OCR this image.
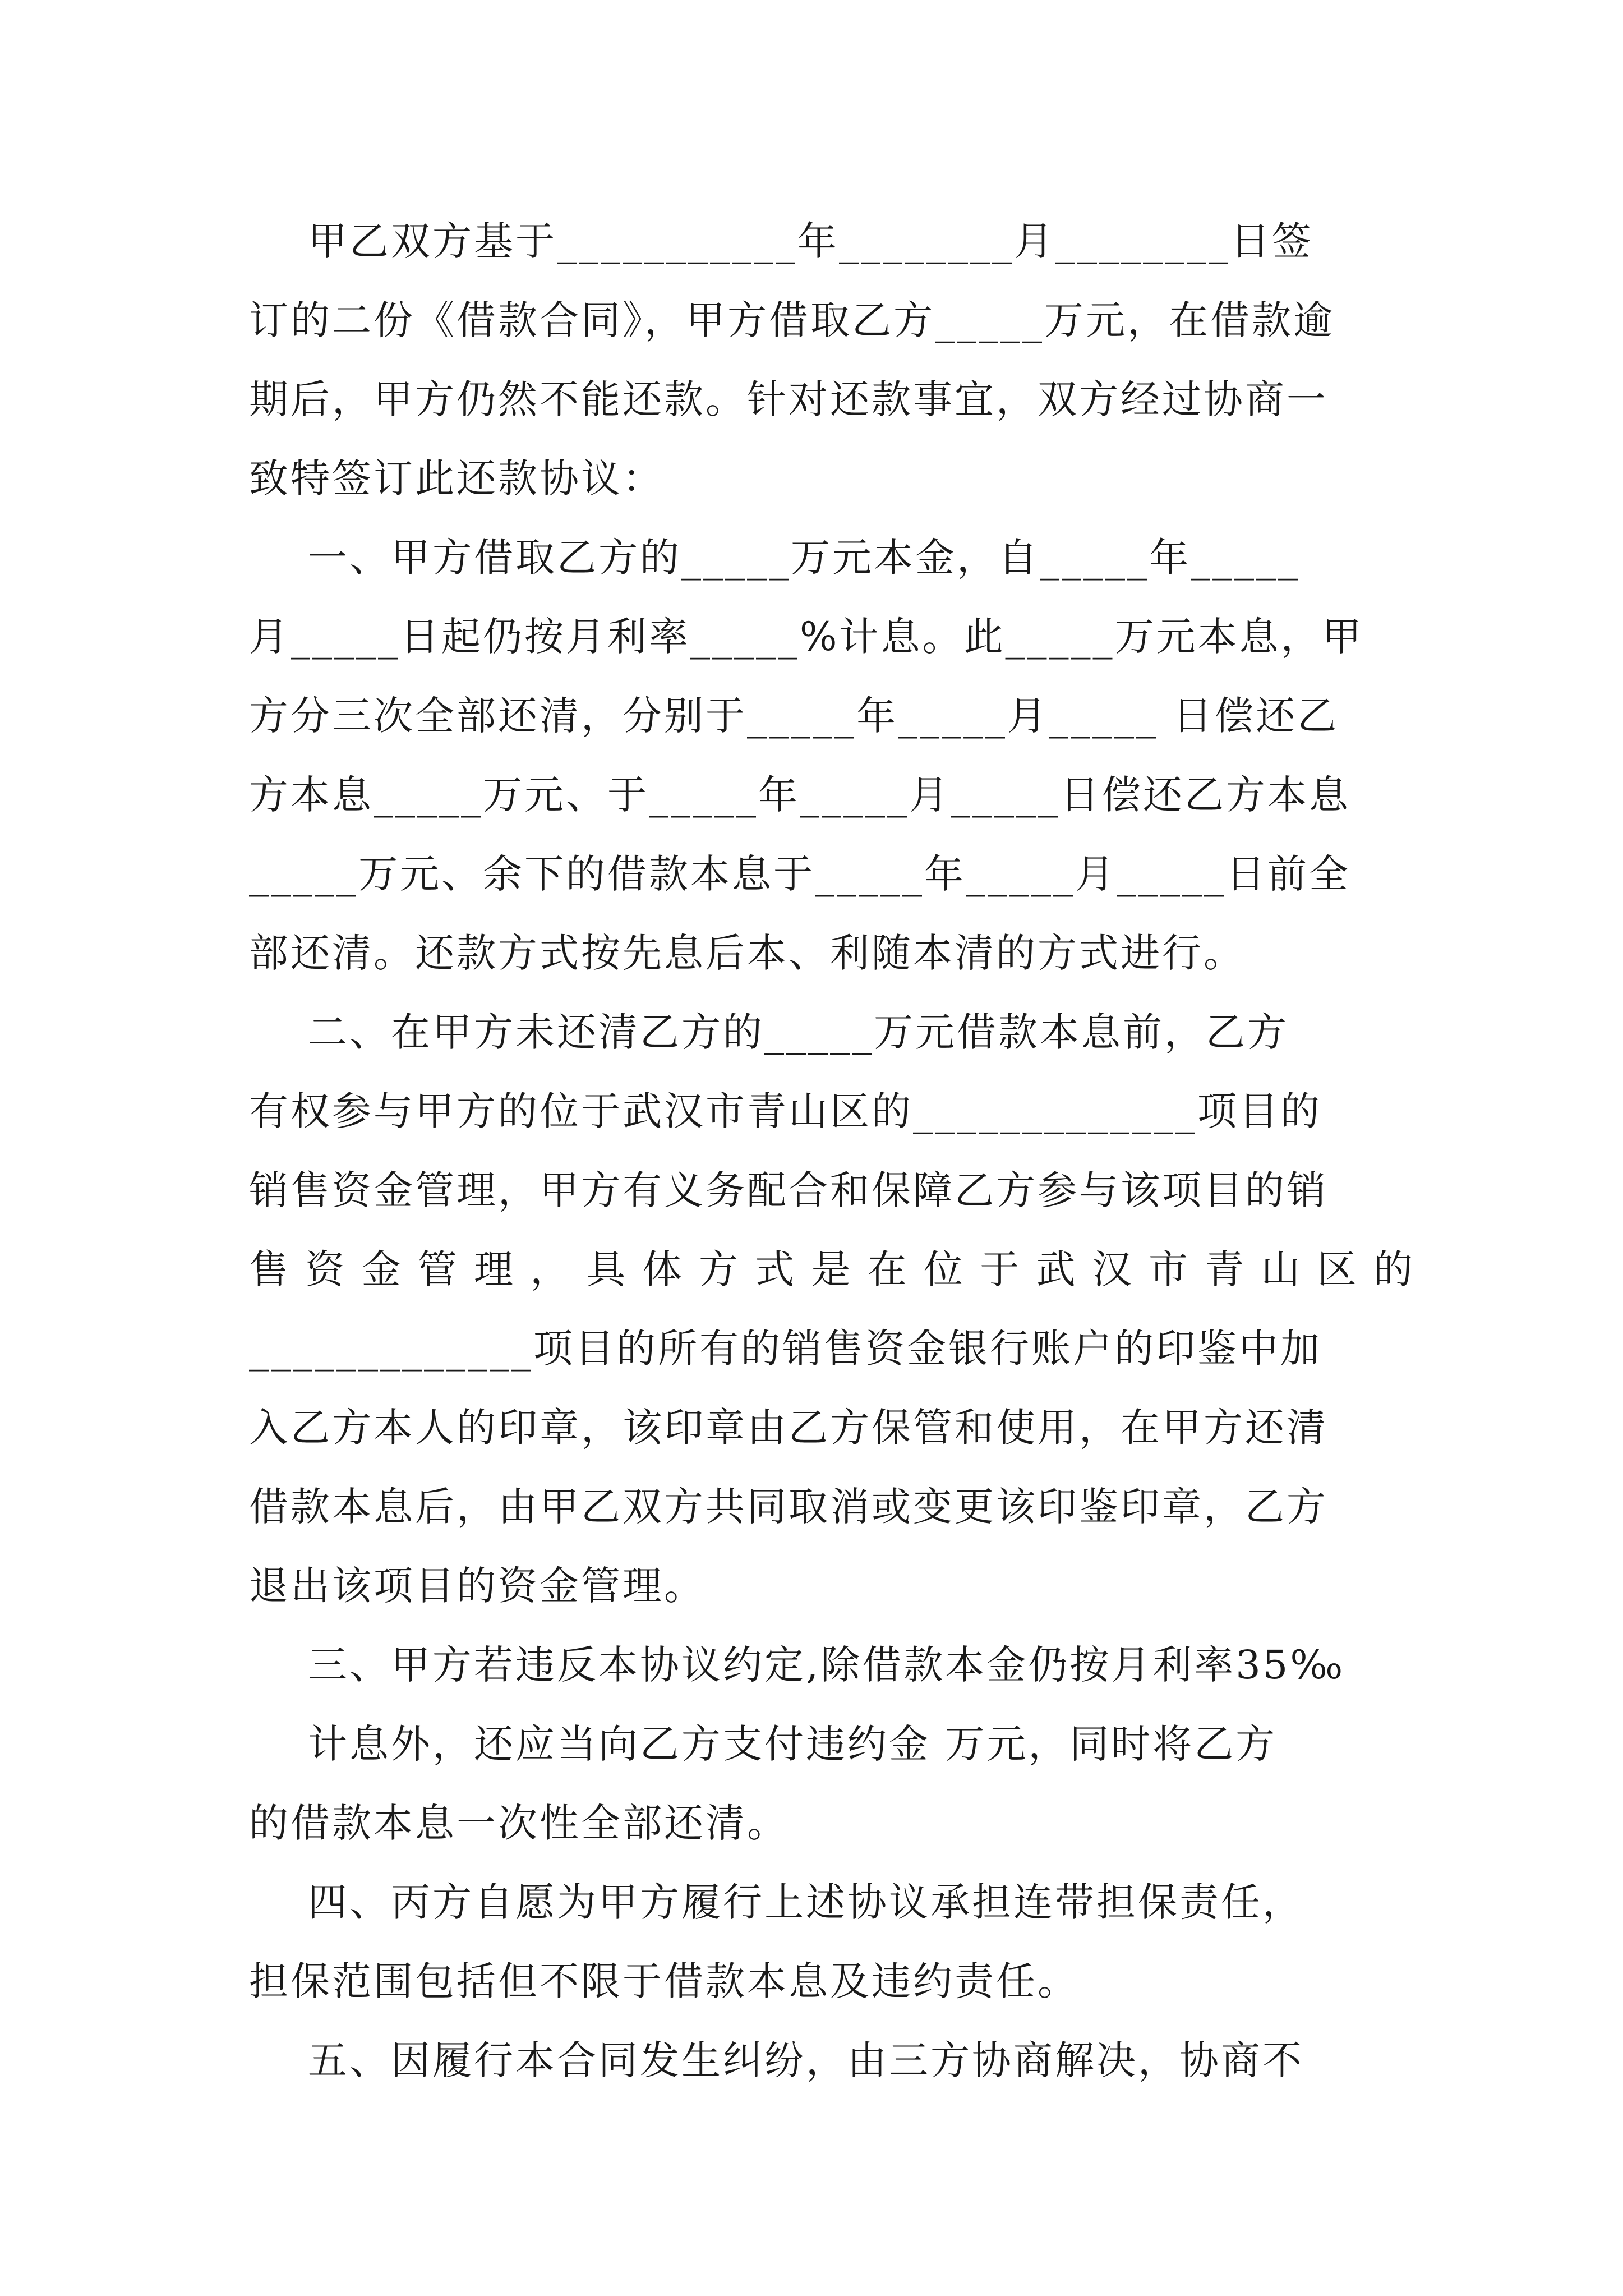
甲乙双方基于___________年________月________日签
订的二份《借款合同》，甲方借取乙方_____万元，在借款逾
期后，甲方仍然不能还款。针对还款事宜，双方经过协商一
致特签订此还款协议：
一、甲方借取乙方的_____万元本金，自_____年_____
月_____日起仍按月利率_____%计息。此_____万元本息，甲
方分三次全部还清，分别于_____年_____月_____ 日偿还乙
方本息_____万元、于_____年_____月_____日偿还乙方本息
_____万元、余下的借款本息于_____年_____月_____日前全
部还清。还款方式按先息后本、利随本清的方式进行。
二、在甲方未还清乙方的_____万元借款本息前，乙方
有权参与甲方的位于武汉市青山区的_____________项目的
销售资金管理，甲方有义务配合和保障乙方参与该项目的销
售 资 金 管 理 ， 具 体 方 式 是 在 位 于 武 汉 市 青 山 区 的
_____________项目的所有的销售资金银行账户的印鉴中加
入乙方本人的印章，该印章由乙方保管和使用，在甲方还清
借款本息后，由甲乙双方共同取消或变更该印鉴印章，乙方
退出该项目的资金管理。
三、甲方若违反本协议约定,除借款本金仍按月利率35‰
计息外，还应当向乙方支付违约金 万元，同时将乙方
的借款本息一次性全部还清。
四、丙方自愿为甲方履行上述协议承担连带担保责任，
担保范围包括但不限于借款本息及违约责任。
五、因履行本合同发生纠纷，由三方协商解决，协商不
